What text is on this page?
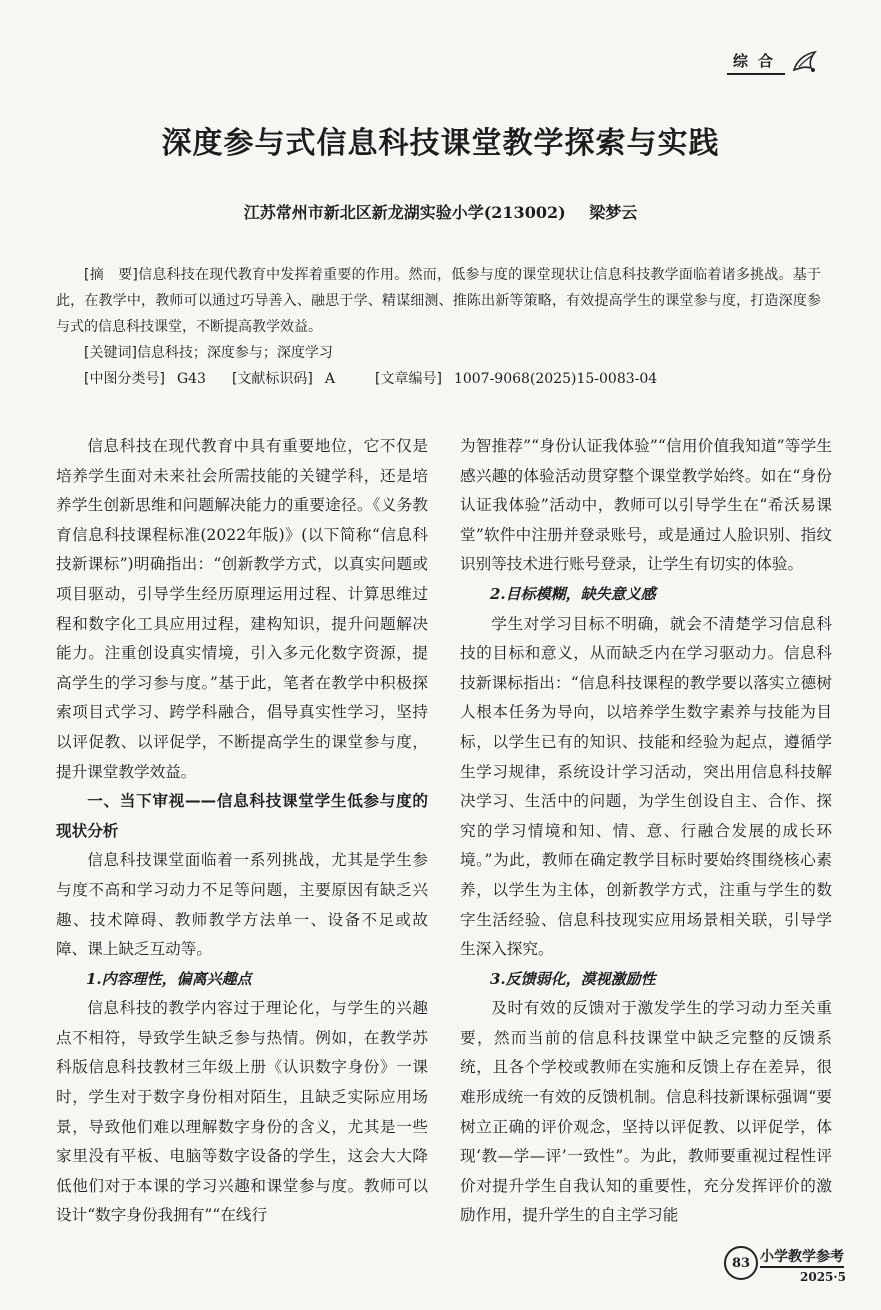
综合
深度参与式信息科技课堂教学探索与实践
江苏常州市新北区新龙湖实验小学(213002) 梁梦云

[摘　要]信息科技在现代教育中发挥着重要的作用。然而，低参与度的课堂现状让信息科技教学面临着诸多挑战。基于此，在教学中，教师可以通过巧导善入、融思于学、精谋细测、推陈出新等策略，有效提高学生的课堂参与度，打造深度参与式的信息科技课堂，不断提高教学效益。

[关键词]信息科技；深度参与；深度学习

[中图分类号] G43 [文献标识码] A	[文章编号] 1007-9068(2025)15-0083-04

信息科技在现代教育中具有重要地位，它不仅是培养学生面对未来社会所需技能的关键学科，还是培养学生创新思维和问题解决能力的重要途径。《义务教育信息科技课程标准(2022年版)》(以下简称“信息科技新课标”)明确指出：“创新教学方式，以真实问题或项目驱动，引导学生经历原理运用过程、计算思维过程和数字化工具应用过程，建构知识，提升问题解决能力。注重创设真实情境，引入多元化数字资源，提高学生的学习参与度。”基于此，笔者在教学中积极探索项目式学习、跨学科融合，倡导真实性学习，坚持以评促教、以评促学，不断提高学生的课堂参与度，提升课堂教学效益。

一、当下审视——信息科技课堂学生低参与度的现状分析

信息科技课堂面临着一系列挑战，尤其是学生参与度不高和学习动力不足等问题，主要原因有缺乏兴趣、技术障碍、教师教学方法单一、设备不足或故障、课上缺乏互动等。

1.内容理性，偏离兴趣点

信息科技的教学内容过于理论化，与学生的兴趣点不相符，导致学生缺乏参与热情。例如，在教学苏科版信息科技教材三年级上册《认识数字身份》一课时，学生对于数字身份相对陌生，且缺乏实际应用场景，导致他们难以理解数字身份的含义，尤其是一些家里没有平板、电脑等数字设备的学生，这会大大降低他们对于本课的学习兴趣和课堂参与度。教师可以设计“数字身份我拥有”“在线行

为智推荐”“身份认证我体验”“信用价值我知道”等学生感兴趣的体验活动贯穿整个课堂教学始终。如在“身份认证我体验”活动中，教师可以引导学生在“希沃易课堂”软件中注册并登录账号，或是通过人脸识别、指纹识别等技术进行账号登录，让学生有切实的体验。

2.目标模糊，缺失意义感

学生对学习目标不明确，就会不清楚学习信息科技的目标和意义，从而缺乏内在学习驱动力。信息科技新课标指出：“信息科技课程的教学要以落实立德树人根本任务为导向，以培养学生数字素养与技能为目标，以学生已有的知识、技能和经验为起点，遵循学生学习规律，系统设计学习活动，突出用信息科技解决学习、生活中的问题，为学生创设自主、合作、探究的学习情境和知、情、意、行融合发展的成长环境。”为此，教师在确定教学目标时要始终围绕核心素养，以学生为主体，创新教学方式，注重与学生的数字生活经验、信息科技现实应用场景相关联，引导学生深入探究。

3.反馈弱化，漠视激励性

及时有效的反馈对于激发学生的学习动力至关重要，然而当前的信息科技课堂中缺乏完整的反馈系统，且各个学校或教师在实施和反馈上存在差异，很难形成统一有效的反馈机制。信息科技新课标强调“要树立正确的评价观念，坚持以评促教、以评促学，体现‘教—学—评’一致性”。为此，教师要重视过程性评价对提升学生自我认知的重要性，充分发挥评价的激励作用，提升学生的自主学习能

83 小学教学参考
2025·5
